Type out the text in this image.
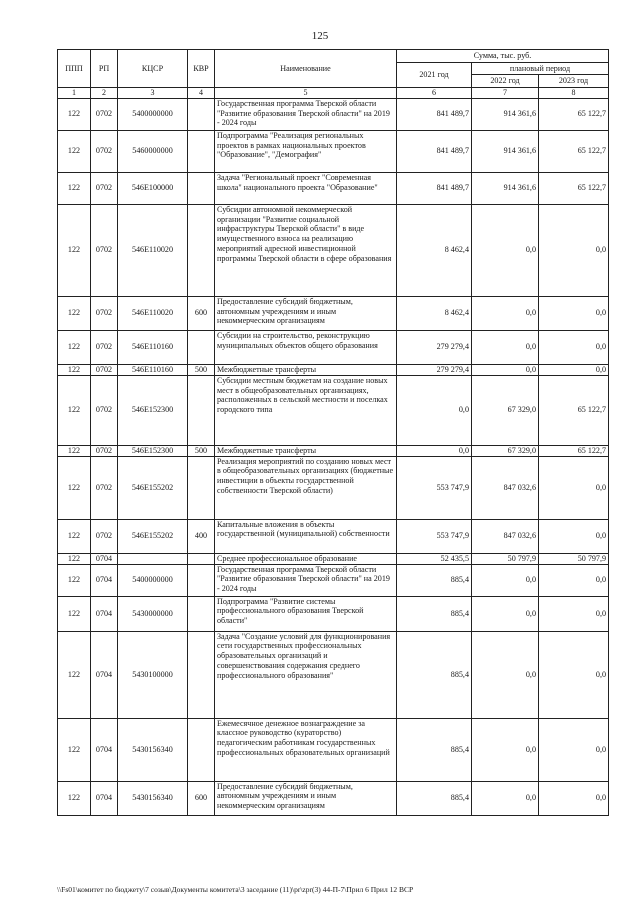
125
ППП	РП	КЦСР	КВР	Наименование	Сумма, тыс. руб.		
					2021 год	плановый период	
						2022 год	2023 год
1	2	3	4	5	6	7	8
122	0702	5400000000		Государственная программа Тверской области "Развитие образования Тверской области" на 2019 - 2024 годы	841 489,7	914 361,6	65 122,7
122	0702	5460000000		Подпрограмма "Реализация региональных проектов в рамках национальных проектов "Образование", "Демография"	841 489,7	914 361,6	65 122,7
122	0702	546E100000		Задача "Региональный проект "Современная школа" национального проекта "Образование"	841 489,7	914 361,6	65 122,7
122	0702	546E110020		Субсидии автономной некоммерческой организации "Развитие социальной инфраструктуры Тверской области" в виде имущественного взноса на реализацию мероприятий адресной инвестиционной программы Тверской области в сфере образования	8 462,4	0,0	0,0
122	0702	546E110020	600	Предоставление субсидий бюджетным, автономным учреждениям и иным некоммерческим организациям	8 462,4	0,0	0,0
122	0702	546E110160		Субсидии на строительство, реконструкцию муниципальных объектов общего образования	279 279,4	0,0	0,0
122	0702	546E110160	500	Межбюджетные трансферты	279 279,4	0,0	0,0
122	0702	546E152300		Субсидии местным бюджетам на создание новых мест в общеобразовательных организациях, расположенных в сельской местности и поселках городского типа	0,0	67 329,0	65 122,7
122	0702	546E152300	500	Межбюджетные трансферты	0,0	67 329,0	65 122,7
122	0702	546E155202		Реализация мероприятий по созданию новых мест в общеобразовательных организациях (бюджетные инвестиции в объекты государственной собственности Тверской области)	553 747,9	847 032,6	0,0
122	0702	546E155202	400	Капитальные вложения в объекты государственной (муниципальной) собственности	553 747,9	847 032,6	0,0
122	0704			Среднее профессиональное образование	52 435,5	50 797,9	50 797,9
122	0704	5400000000		Государственная программа Тверской области "Развитие образования Тверской области" на 2019 - 2024 годы	885,4	0,0	0,0
122	0704	5430000000		Подпрограмма "Развитие системы профессионального образования Тверской области"	885,4	0,0	0,0
122	0704	5430100000		Задача "Создание условий для функционирования сети государственных профессиональных образовательных организаций и совершенствования содержания среднего профессионального образования"	885,4	0,0	0,0
122	0704	5430156340		Ежемесячное денежное вознаграждение за классное руководство (кураторство) педагогическим работникам государственных профессиональных образовательных организаций	885,4	0,0	0,0
122	0704	5430156340	600	Предоставление субсидий бюджетным, автономным учреждениям и иным некоммерческим организациям	885,4	0,0	0,0
\\Fs01\комитет по бюджету\7 созыв\Документы комитета\3 заседание (11)\pr\zpr(3) 44-П-7\Прил 6 Прил 12 ВСР
